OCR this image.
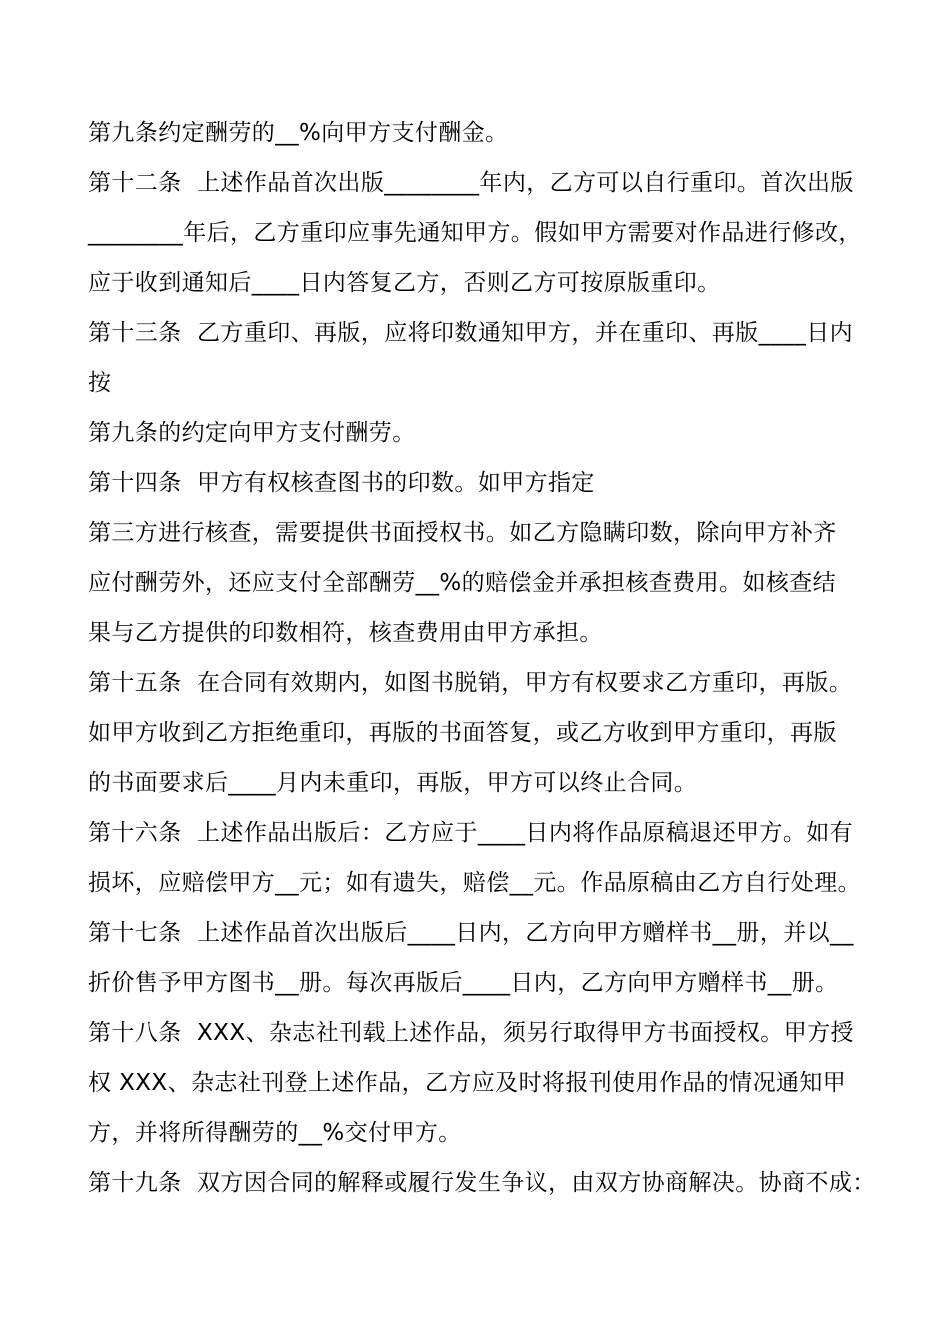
第九条约定酬劳的__%向甲方支付酬金。
第十二条  上述作品首次出版________年内，乙方可以自行重印。首次出版
________年后，乙方重印应事先通知甲方。假如甲方需要对作品进行修改，
应于收到通知后____日内答复乙方，否则乙方可按原版重印。
第十三条  乙方重印、再版，应将印数通知甲方，并在重印、再版____日内
按
第九条的约定向甲方支付酬劳。
第十四条  甲方有权核查图书的印数。如甲方指定
第三方进行核查，需要提供书面授权书。如乙方隐瞒印数，除向甲方补齐
应付酬劳外，还应支付全部酬劳__%的赔偿金并承担核查费用。如核查结
果与乙方提供的印数相符，核查费用由甲方承担。
第十五条  在合同有效期内，如图书脱销，甲方有权要求乙方重印，再版。
如甲方收到乙方拒绝重印，再版的书面答复，或乙方收到甲方重印，再版
的书面要求后____月内未重印，再版，甲方可以终止合同。
第十六条  上述作品出版后：乙方应于____日内将作品原稿退还甲方。如有
损坏，应赔偿甲方__元；如有遗失，赔偿__元。作品原稿由乙方自行处理。
第十七条  上述作品首次出版后____日内，乙方向甲方赠样书__册，并以__
折价售予甲方图书__册。每次再版后____日内，乙方向甲方赠样书__册。
第十八条  XXX、杂志社刊载上述作品，须另行取得甲方书面授权。甲方授
权 XXX、杂志社刊登上述作品，乙方应及时将报刊使用作品的情况通知甲
方，并将所得酬劳的__%交付甲方。
第十九条  双方因合同的解释或履行发生争议，由双方协商解决。协商不成：
